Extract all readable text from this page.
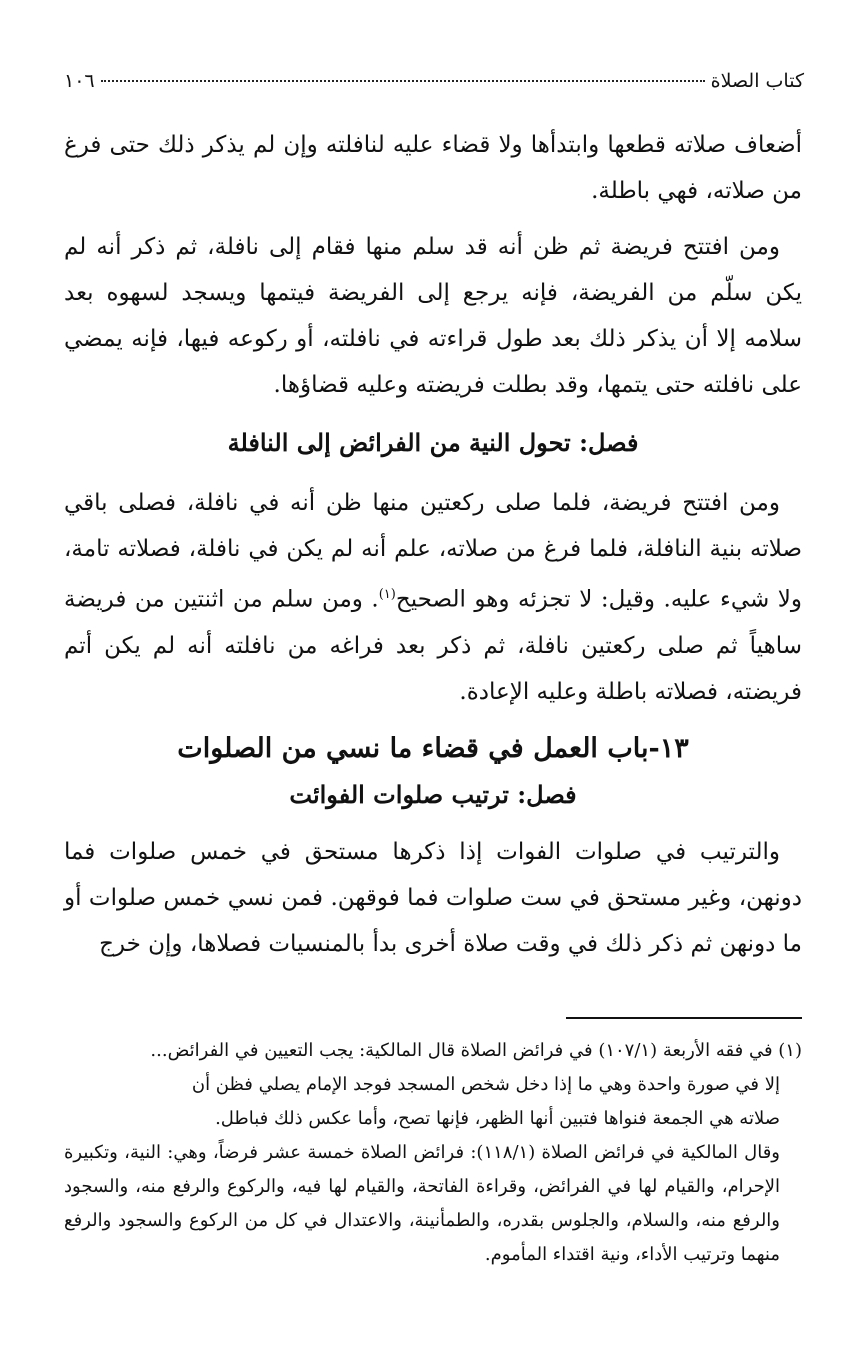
كتاب الصلاة
١٠٦

أضعاف صلاته قطعها وابتدأها ولا قضاء عليه لنافلته وإن لم يذكر ذلك حتى فرغ من صلاته، فهي باطلة.

ومن افتتح فريضة ثم ظن أنه قد سلم منها فقام إلى نافلة، ثم ذكر أنه لم يكن سلّم من الفريضة، فإنه يرجع إلى الفريضة فيتمها ويسجد لسهوه بعد سلامه إلا أن يذكر ذلك بعد طول قراءته في نافلته، أو ركوعه فيها، فإنه يمضي على نافلته حتى يتمها، وقد بطلت فريضته وعليه قضاؤها.

فصل: تحول النية من الفرائض إلى النافلة

ومن افتتح فريضة، فلما صلى ركعتين منها ظن أنه في نافلة، فصلى باقي صلاته بنية النافلة، فلما فرغ من صلاته، علم أنه لم يكن في نافلة، فصلاته تامة، ولا شيء عليه. وقيل: لا تجزئه وهو الصحيح$^{(١)}$. ومن سلم من اثنتين من فريضة ساهياً ثم صلى ركعتين نافلة، ثم ذكر بعد فراغه من نافلته أنه لم يكن أتم فريضته، فصلاته باطلة وعليه الإعادة.

١٣-باب العمل في قضاء ما نسي من الصلوات
فصل: ترتيب صلوات الفوائت

والترتيب في صلوات الفوات إذا ذكرها مستحق في خمس صلوات فما دونهن، وغير مستحق في ست صلوات فما فوقهن. فمن نسي خمس صلوات أو ما دونهن ثم ذكر ذلك في وقت صلاة أخرى بدأ بالمنسيات فصلاها، وإن خرج

(١) في فقه الأربعة (١٠٧/١) في فرائض الصلاة قال المالكية: يجب التعيين في الفرائض...

إلا في صورة واحدة وهي ما إذا دخل شخص المسجد فوجد الإمام يصلي فظن أن

صلاته هي الجمعة فنواها فتبين أنها الظهر، فإنها تصح، وأما عكس ذلك فباطل.

وقال المالكية في فرائض الصلاة (١١٨/١): فرائض الصلاة خمسة عشر فرضاً، وهي: النية، وتكبيرة الإحرام، والقيام لها في الفرائض، وقراءة الفاتحة، والقيام لها فيه، والركوع والرفع منه، والسجود والرفع منه، والسلام، والجلوس بقدره، والطمأنينة، والاعتدال في كل من الركوع والسجود والرفع منهما وترتيب الأداء، ونية اقتداء المأموم.
